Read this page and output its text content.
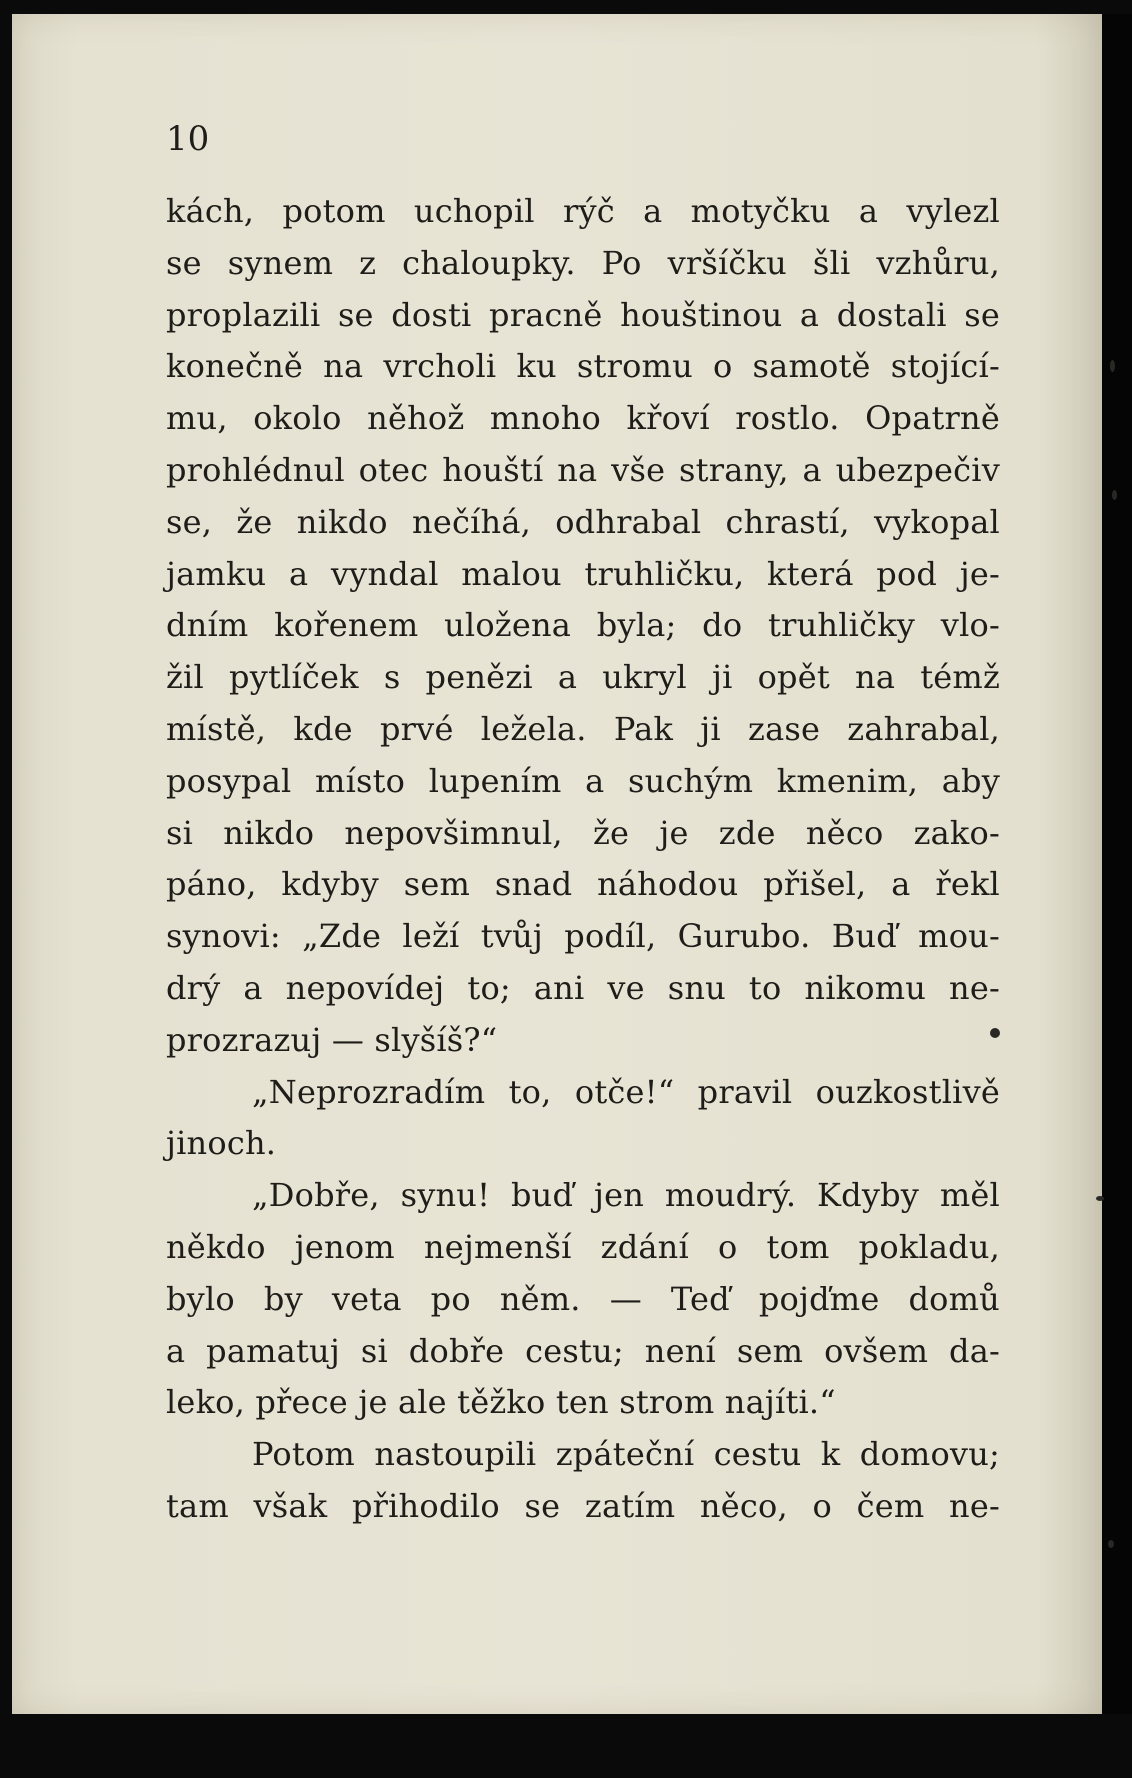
10
kách, potom uchopil rýč a motyčku a vylezl
se synem z chaloupky. Po vršíčku šli vzhůru,
proplazili se dosti pracně houštinou a dostali se
konečně na vrcholi ku stromu o samotě stojící-
mu, okolo něhož mnoho křoví rostlo. Opatrně
prohlédnul otec houští na vše strany, a ubezpečiv
se, že nikdo nečíhá, odhrabal chrastí, vykopal
jamku a vyndal malou truhličku, která pod je-
dním kořenem uložena byla; do truhličky vlo-
žil pytlíček s penězi a ukryl ji opět na témž
místě, kde prvé ležela. Pak ji zase zahrabal,
posypal místo lupením a suchým kmenim, aby
si nikdo nepovšimnul, že je zde něco zako-
páno, kdyby sem snad náhodou přišel, a řekl
synovi: „Zde leží tvůj podíl, Gurubo. Buď mou-
drý a nepovídej to; ani ve snu to nikomu ne-
prozrazuj — slyšíš?“
„Neprozradím to, otče!“ pravil ouzkostlivě
jinoch.
„Dobře, synu! buď jen moudrý. Kdyby měl
někdo jenom nejmenší zdání o tom pokladu,
bylo by veta po něm. — Teď pojďme domů
a pamatuj si dobře cestu; není sem ovšem da-
leko, přece je ale těžko ten strom najíti.“
Potom nastoupili zpáteční cestu k domovu;
tam však přihodilo se zatím něco, o čem ne-
